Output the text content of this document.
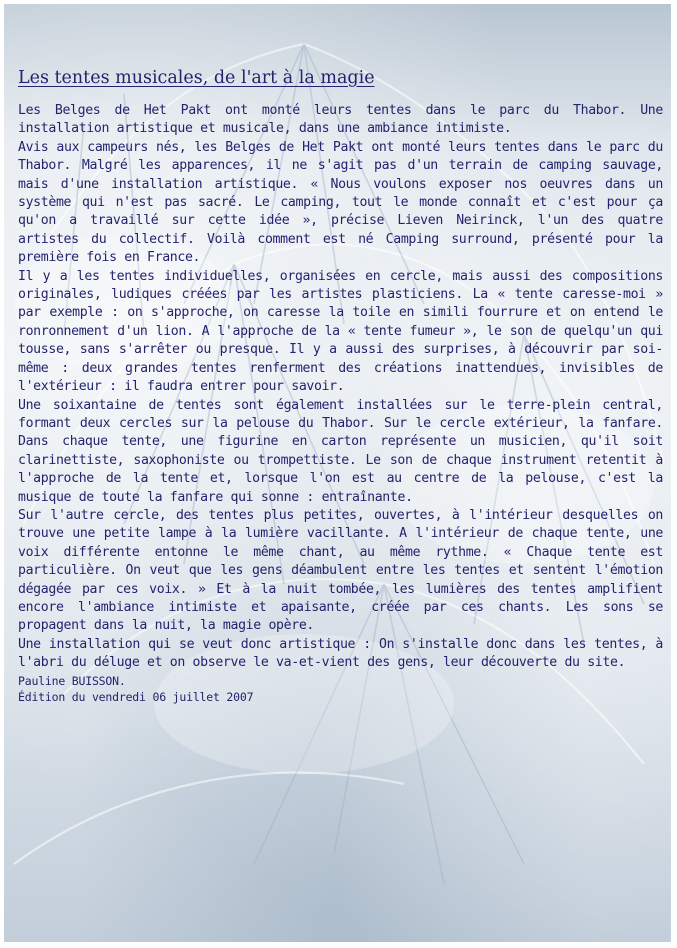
Les tentes musicales, de l'art à la magie

Les Belges de Het Pakt ont monté leurs tentes dans le parc du Thabor. Une installation artistique et musicale, dans une ambiance intimiste.

Avis aux campeurs nés, les Belges de Het Pakt ont monté leurs tentes dans le parc du Thabor. Malgré les apparences, il ne s'agit pas d'un terrain de camping sauvage, mais d'une installation artistique. « Nous voulons exposer nos oeuvres dans un système qui n'est pas sacré. Le camping, tout le monde connaît et c'est pour ça qu'on a travaillé sur cette idée », précise Lieven Neirinck, l'un des quatre artistes du collectif. Voilà comment est né Camping surround, présenté pour la première fois en France.

Il y a les tentes individuelles, organisées en cercle, mais aussi des compositions originales, ludiques créées par les artistes plasticiens. La « tente caresse-moi » par exemple : on s'approche, on caresse la toile en simili fourrure et on entend le ronronnement d'un lion. A l'approche de la « tente fumeur », le son de quelqu'un qui tousse, sans s'arrêter ou presque. Il y a aussi des surprises, à découvrir par soi-même : deux grandes tentes renferment des créations inattendues, invisibles de l'extérieur : il faudra entrer pour savoir.

Une soixantaine de tentes sont également installées sur le terre-plein central, formant deux cercles sur la pelouse du Thabor. Sur le cercle extérieur, la fanfare. Dans chaque tente, une figurine en carton représente un musicien, qu'il soit clarinettiste, saxophoniste ou trompettiste. Le son de chaque instrument retentit à l'approche de la tente et, lorsque l'on est au centre de la pelouse, c'est la musique de toute la fanfare qui sonne : entraînante.

Sur l'autre cercle, des tentes plus petites, ouvertes, à l'intérieur desquelles on trouve une petite lampe à la lumière vacillante. A l'intérieur de chaque tente, une voix différente entonne le même chant, au même rythme. « Chaque tente est particulière. On veut que les gens déambulent entre les tentes et sentent l'émotion dégagée par ces voix. » Et à la nuit tombée, les lumières des tentes amplifient encore l'ambiance intimiste et apaisante, créée par ces chants. Les sons se propagent dans la nuit, la magie opère.

Une installation qui se veut donc artistique : On s'installe donc dans les tentes, à l'abri du déluge et on observe le va-et-vient des gens, leur découverte du site.

Pauline BUISSON.

Édition du vendredi 06 juillet 2007
